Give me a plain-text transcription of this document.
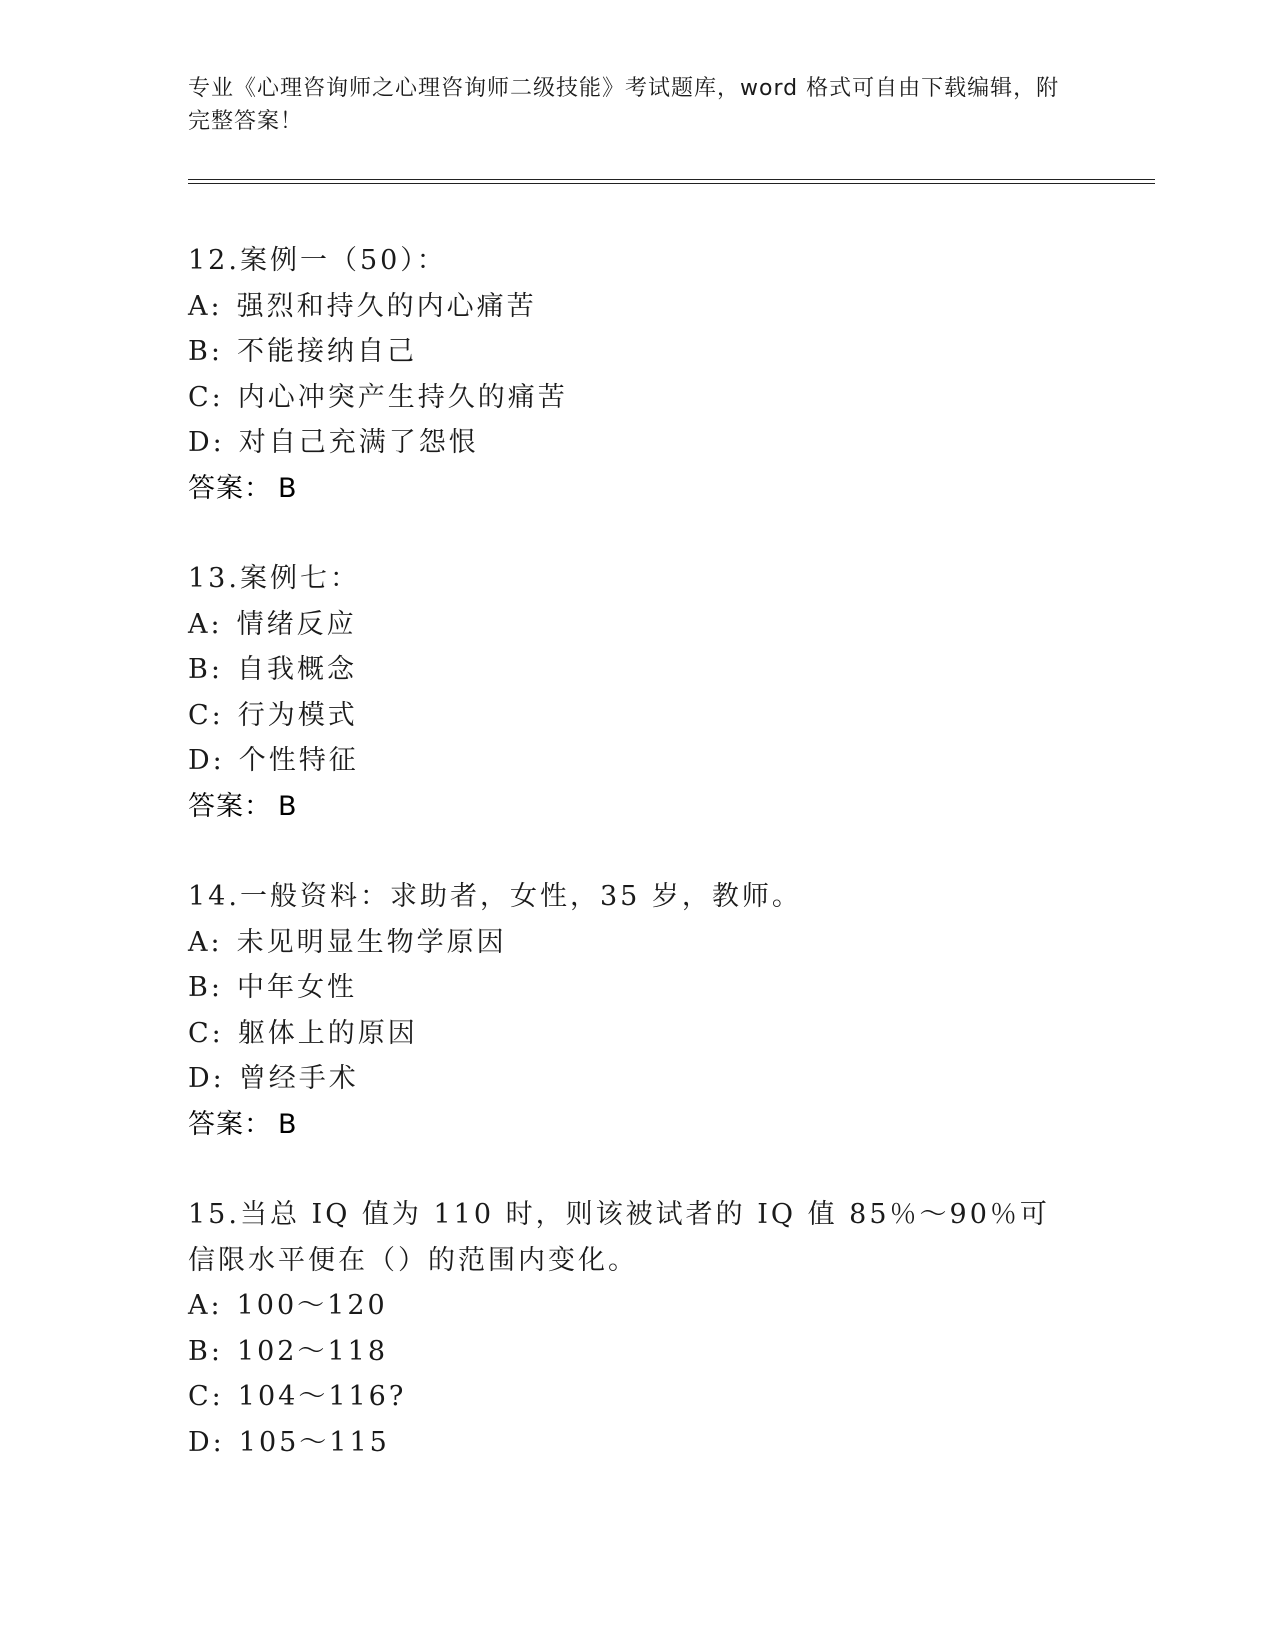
专业《心理咨询师之心理咨询师二级技能》考试题库，word 格式可自由下载编辑，附完整答案！
12.案例一（50）：
A: 强烈和持久的内心痛苦
B: 不能接纳自己
C: 内心冲突产生持久的痛苦
D: 对自己充满了怨恨
答案： B
13.案例七：
A: 情绪反应
B: 自我概念
C: 行为模式
D: 个性特征
答案： B
14.一般资料：求助者，女性，35 岁，教师。
A: 未见明显生物学原因
B: 中年女性
C: 躯体上的原因
D: 曾经手术
答案： B
15.当总 IQ 值为 110 时，则该被试者的 IQ 值 85％～90％可信限水平便在（）的范围内变化。
A: 100～120
B: 102～118
C: 104～116?
D: 105～115
